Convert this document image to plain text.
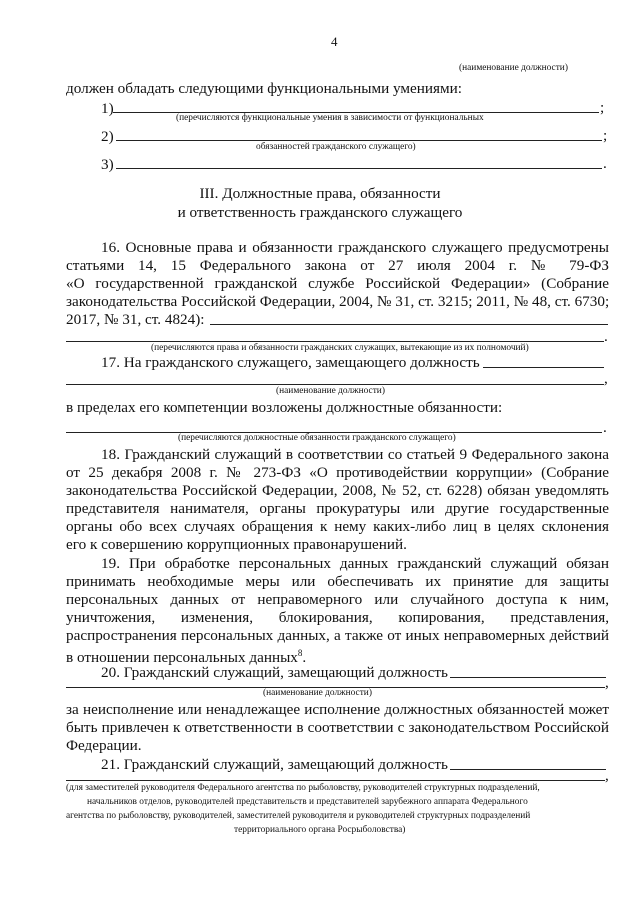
4
(наименование должности)
должен обладать следующими функциональными умениями:
1)	;
(перечисляются функциональные умения в зависимости от функциональных
2)	;
обязанностей гражданского служащего)
3)	.
III. Должностные права, обязанности
и ответственность гражданского служащего
16. Основные права и обязанности гражданского служащего предусмотрены
статьями 14, 15 Федерального закона от 27 июля 2004 г. № 79-ФЗ
«О государственной гражданской службе Российской Федерации» (Собрание
законодательства Российской Федерации, 2004, № 31, ст. 3215; 2011, № 48, ст. 6730;
2017, № 31, ст. 4824):
.
(перечисляются права и обязанности гражданских служащих, вытекающие из их полномочий)
17. На гражданского служащего, замещающего должность
,
(наименование должности)
в пределах его компетенции возложены должностные обязанности:
.
(перечисляются должностные обязанности гражданского служащего)
18. Гражданский служащий в соответствии со статьей 9 Федерального закона
от 25 декабря 2008 г. № 273-ФЗ «О противодействии коррупции» (Собрание
законодательства Российской Федерации, 2008, № 52, ст. 6228) обязан уведомлять
представителя нанимателя, органы прокуратуры или другие государственные
органы обо всех случаях обращения к нему каких-либо лиц в целях склонения
его к совершению коррупционных правонарушений.
19. При обработке персональных данных гражданский служащий обязан
принимать необходимые меры или обеспечивать их принятие для защиты
персональных данных от неправомерного или случайного доступа к ним,
уничтожения, изменения, блокирования, копирования, представления,
распространения персональных данных, а также от иных неправомерных действий
в отношении персональных данных$^8$.
20. Гражданский служащий, замещающий должность
,
(наименование должности)
за неисполнение или ненадлежащее исполнение должностных обязанностей может
быть привлечен к ответственности в соответствии с законодательством Российской
Федерации.
21. Гражданский служащий, замещающий должность
,
(для заместителей руководителя Федерального агентства по рыболовству, руководителей структурных подразделений,
начальников отделов, руководителей представительств и представителей зарубежного аппарата Федерального
агентства по рыболовству, руководителей, заместителей руководителя и руководителей структурных подразделений
территориального органа Росрыболовства)
